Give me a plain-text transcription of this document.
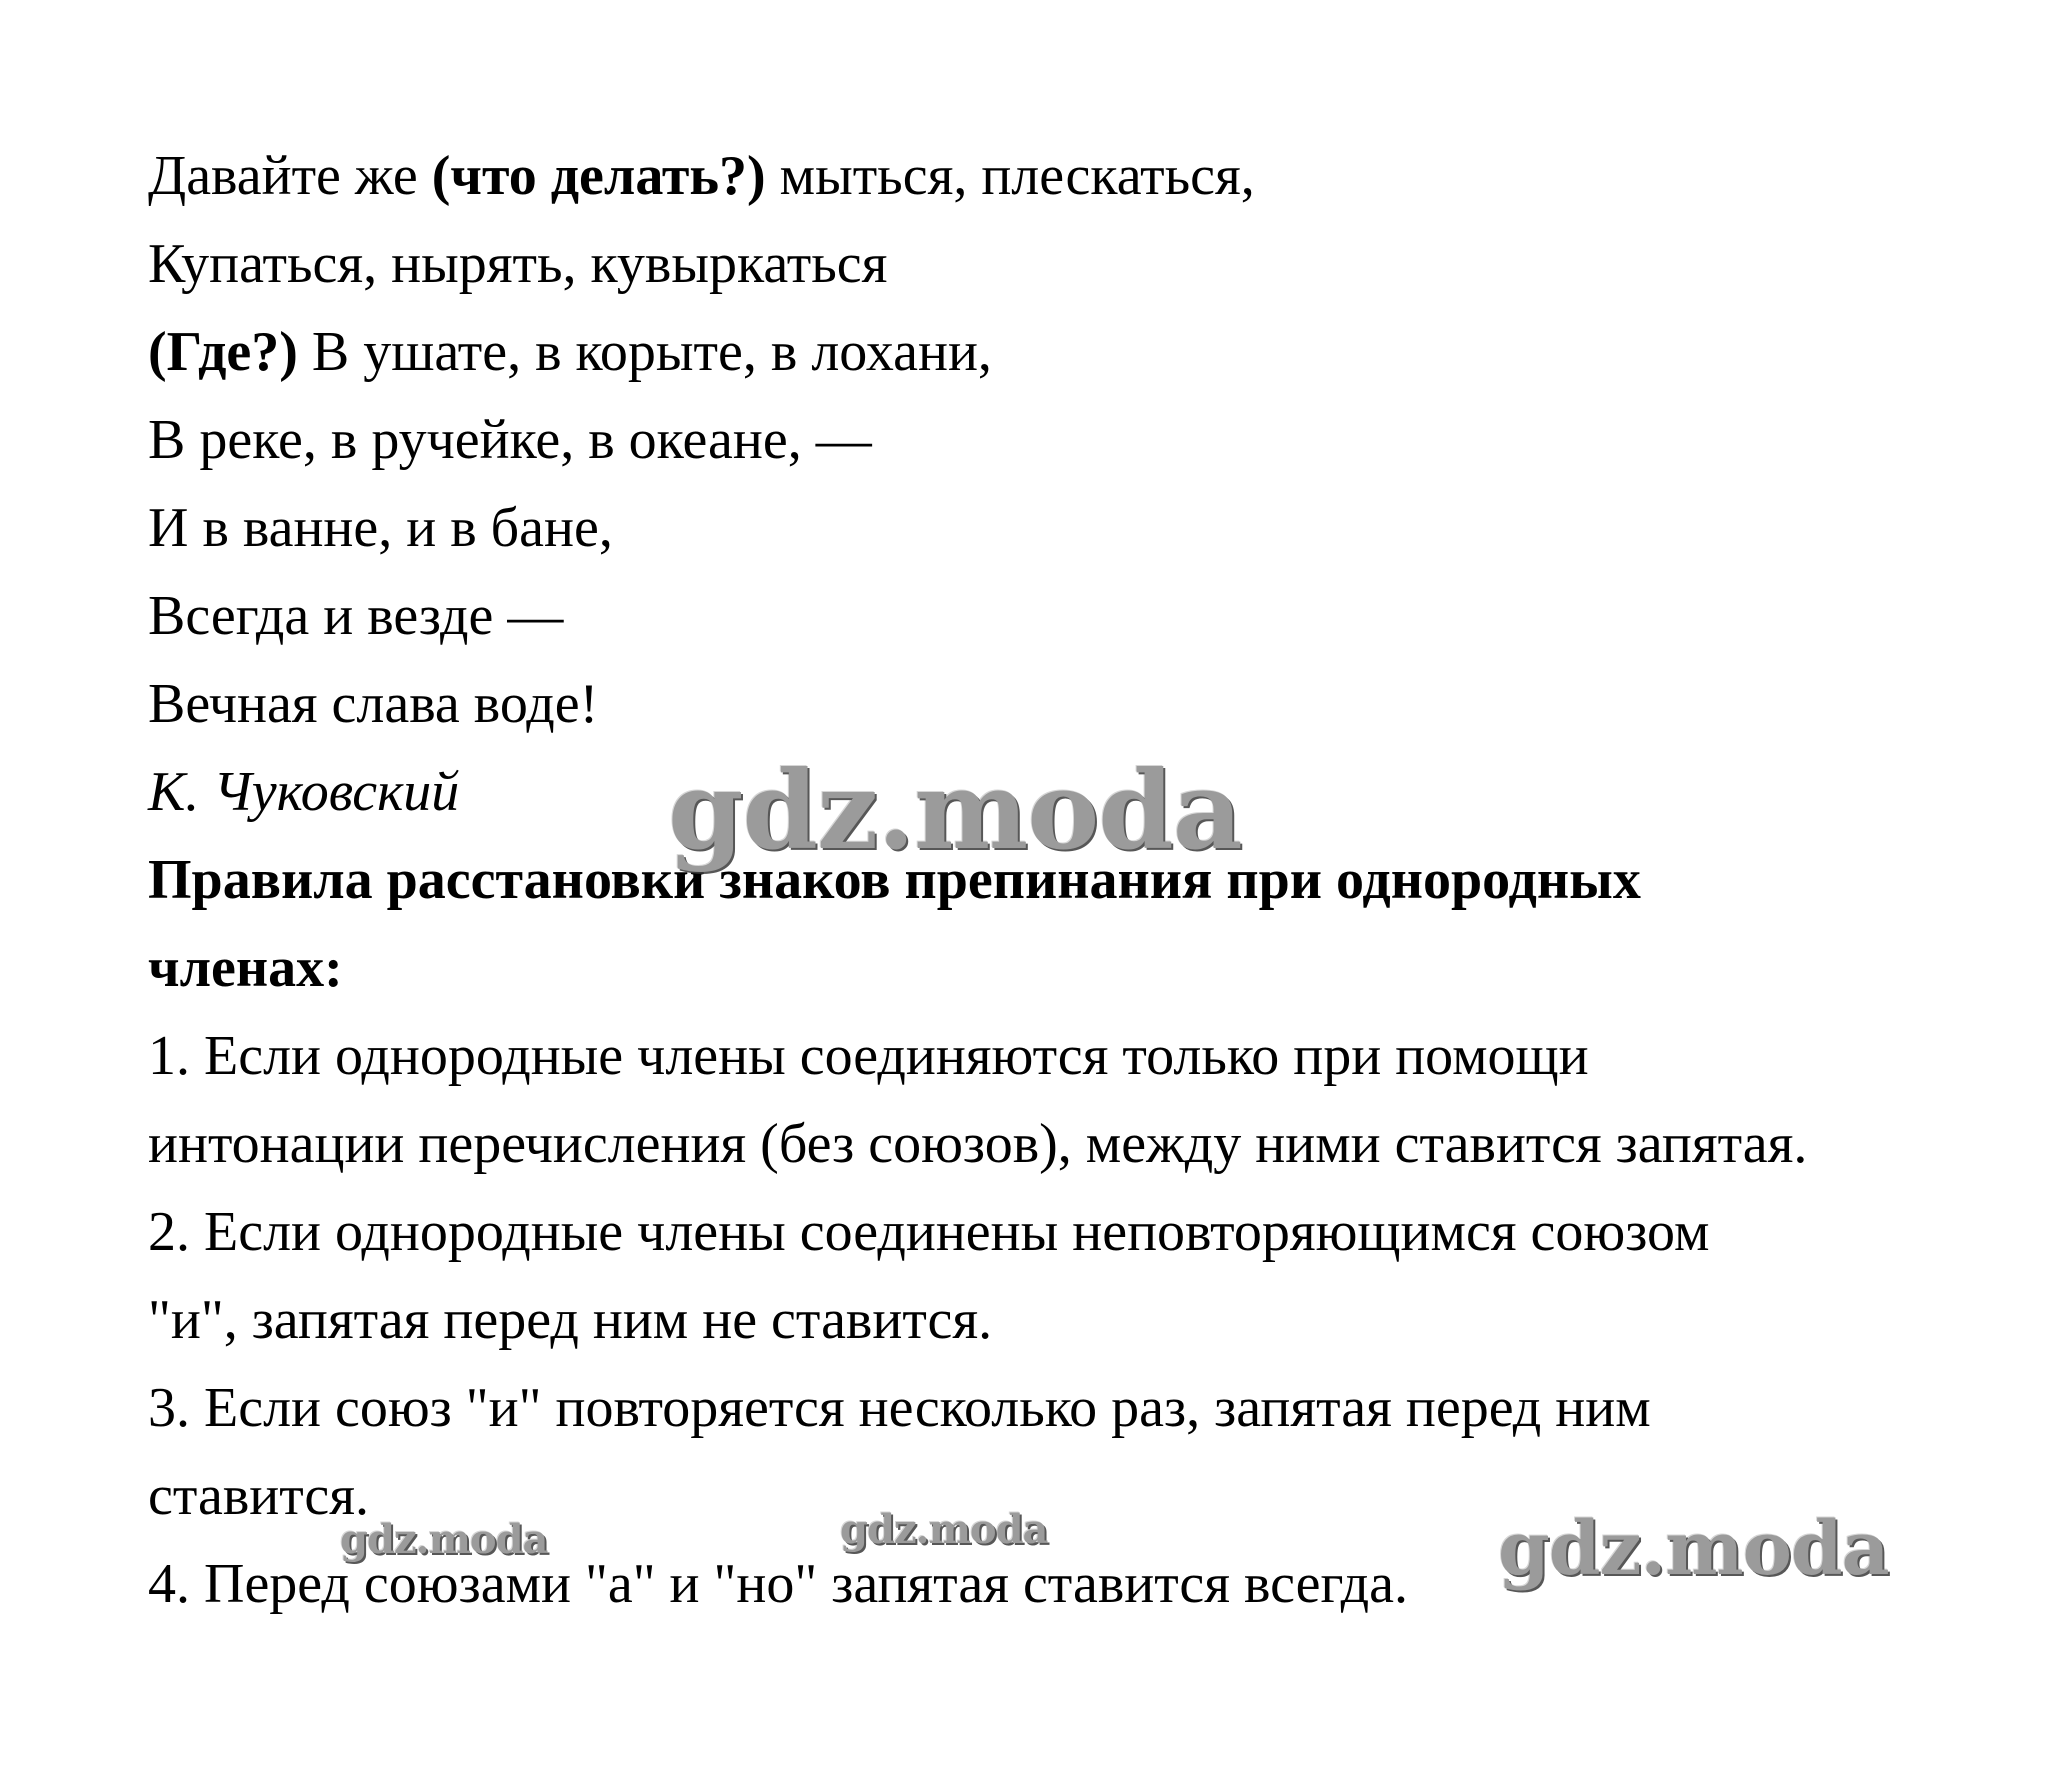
Давайте же (что делать?) мыться, плескаться,

Купаться, нырять, кувыркаться

(Где?) В ушате, в корыте, в лохани,

В реке, в ручейке, в океане, —

И в ванне, и в бане,

Всегда и везде —

Вечная слава воде!

К. Чуковский

Правила расстановки знаков препинания при однородных

членах:

1. Если однородные члены соединяются только при помощи

интонации перечисления (без союзов), между ними ставится запятая.

2. Если однородные члены соединены неповторяющимся союзом

"и", запятая перед ним не ставится.

3. Если союз "и" повторяется несколько раз, запятая перед ним

ставится.

4. Перед союзами "а" и "но" запятая ставится всегда.

gdz.moda
gdz.moda	gdz.moda	gdz.moda
